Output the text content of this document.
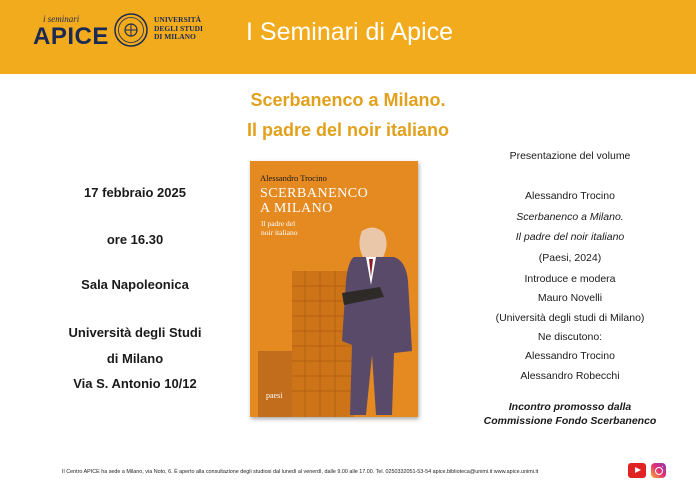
i seminari
APICE
UNIVERSITÀ
DEGLI STUDI
DI MILANO	I Seminari di Apice
Scerbanenco a Milano.
Il padre del noir italiano
17 febbraio 2025
ore 16.30
Sala Napoleonica
Università degli Studi
di Milano
Via S. Antonio 10/12
Alessandro Trocino
SCERBANENCO
A MILANO
Il padre del
noir italiano
paesi
Presentazione del volume
Alessandro Trocino
Scerbanenco a Milano.
Il padre del noir italiano
(Paesi, 2024)
Introduce e modera
Mauro Novelli
(Università degli studi di Milano)
Ne discutono:
Alessandro Trocino
Alessandro Robecchi
Incontro promosso dalla
Commissione Fondo Scerbanenco
Il Centro APICE ha sede a Milano, via Noto, 6. È aperto alla consultazione degli studiosi dal lunedì al venerdì, dalle 9.00 alle 17.00. Tel. 0250332051-53-54 apice.biblioteca@unimi.it www.apice.unimi.it
